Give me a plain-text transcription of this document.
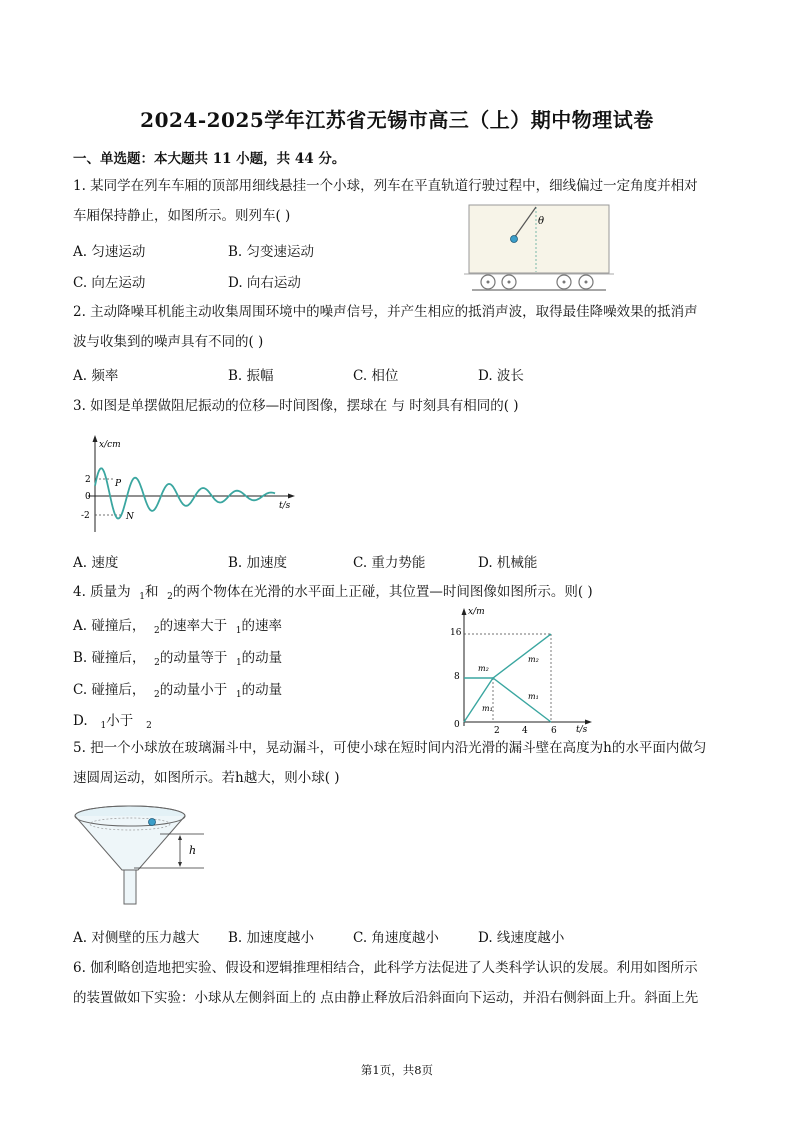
2024-2025学年江苏省无锡市高三（上）期中物理试卷
一、单选题：本大题共 11 小题，共 44 分。
1. 某同学在列车车厢的顶部用细线悬挂一个小球，列车在平直轨道行驶过程中，细线偏过一定角度并相对
车厢保持静止，如图所示。则列车( )
A. 匀速运动	B. 匀变速运动
C. 向左运动	D. 向右运动
θ
2. 主动降噪耳机能主动收集周围环境中的噪声信号，并产生相应的抵消声波，取得最佳降噪效果的抵消声
波与收集到的噪声具有不同的( )
A. 频率	B. 振幅	C. 相位	D. 波长
3. 如图是单摆做阻尼振动的位移—时间图像，摆球在 与 时刻具有相同的( )
x/cm
t/s
2
0
-2
P
N
A. 速度	B. 加速度	C. 重力势能	D. 机械能
4. 质量为 $_1$和 $_2$的两个物体在光滑的水平面上正碰，其位置—时间图像如图所示。则( )
A. 碰撞后， $_2$的速率大于 $_1$的速率
B. 碰撞后， $_2$的动量等于 $_1$的动量
C. 碰撞后， $_2$的动量小于 $_1$的动量
D. $_1$小于 $_2$
x/m
t/s
16
8
0
2 4	6
m₂
m₁
m₂
m₁
5. 把一个小球放在玻璃漏斗中，晃动漏斗，可使小球在短时间内沿光滑的漏斗壁在高度为h的水平面内做匀
速圆周运动，如图所示。若h越大，则小球( )
h
A. 对侧壁的压力越大 B. 加速度越小	C. 角速度越小	D. 线速度越小
6. 伽利略创造地把实验、假设和逻辑推理相结合，此科学方法促进了人类科学认识的发展。利用如图所示
的装置做如下实验：小球从左侧斜面上的 点由静止释放后沿斜面向下运动，并沿右侧斜面上升。斜面上先
第1页，共8页
